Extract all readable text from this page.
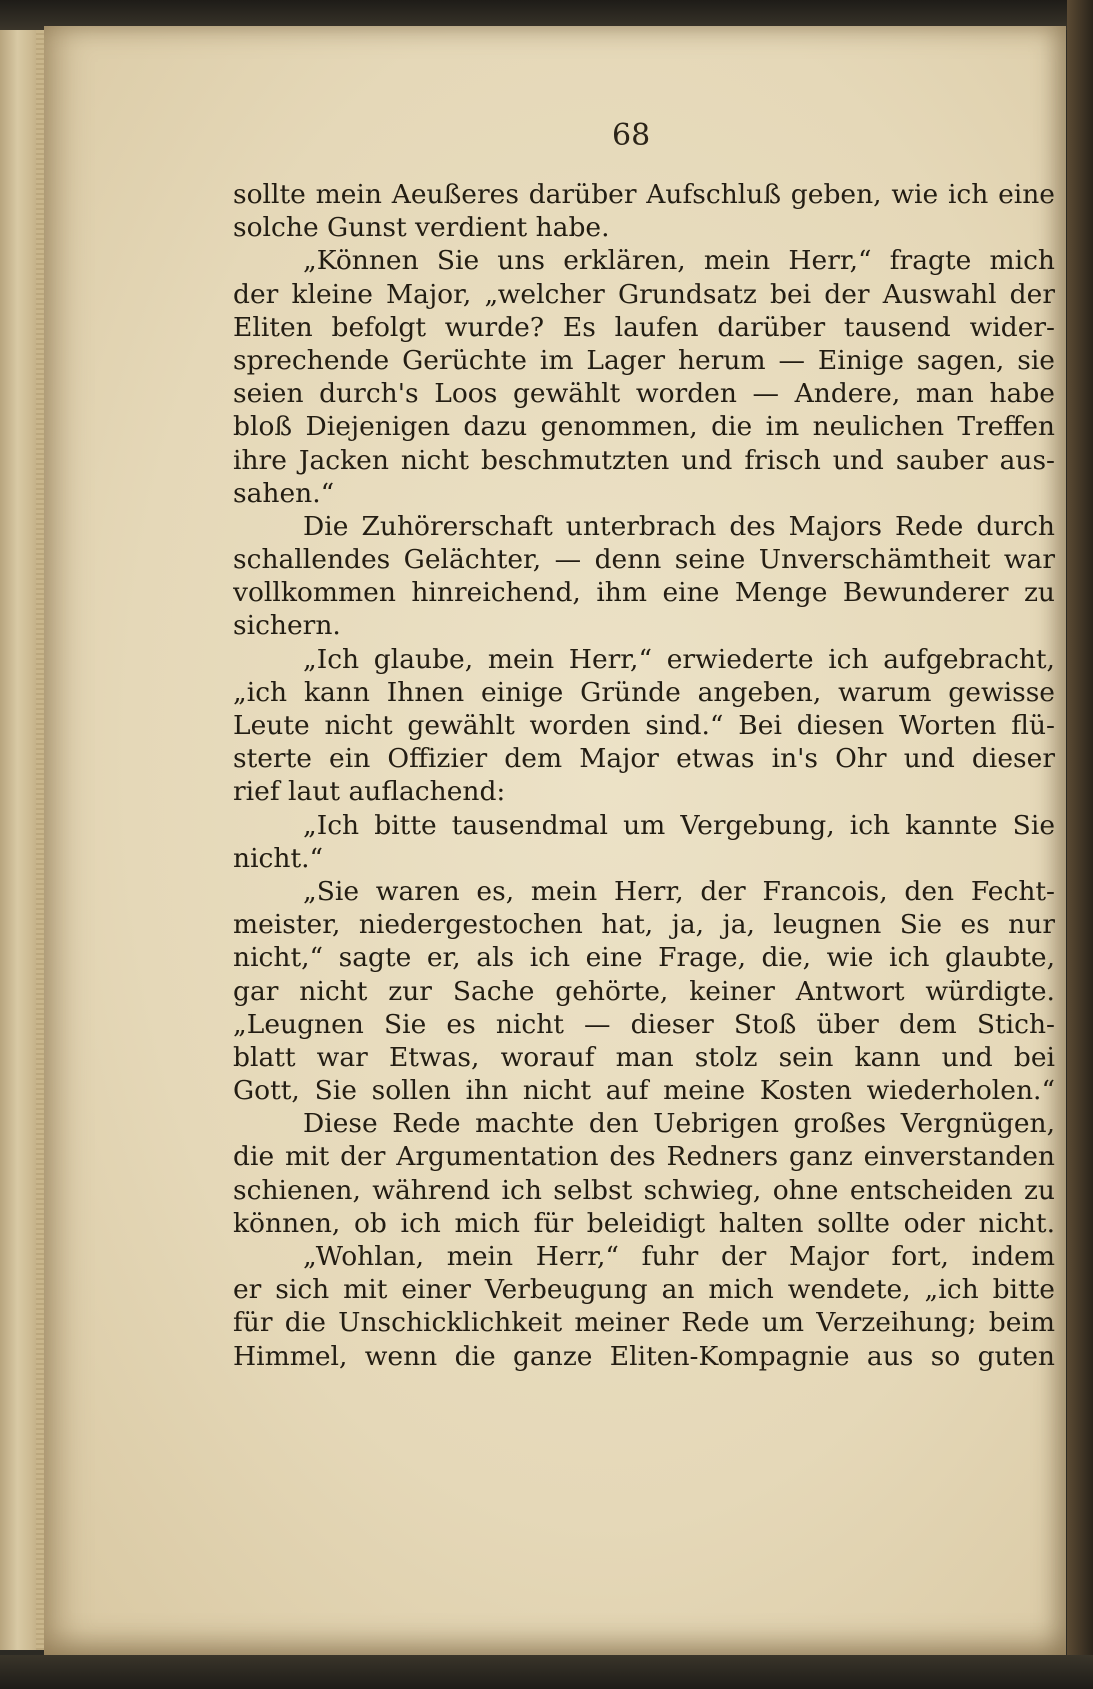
68
sollte mein Aeußeres darüber Aufschluß geben, wie ich eine
solche Gunst verdient habe.
„Können Sie uns erklären, mein Herr,“ fragte mich
der kleine Major, „welcher Grundsatz bei der Auswahl der
Eliten befolgt wurde? Es laufen darüber tausend wider-
sprechende Gerüchte im Lager herum — Einige sagen, sie
seien durch's Loos gewählt worden — Andere, man habe
bloß Diejenigen dazu genommen, die im neulichen Treffen
ihre Jacken nicht beschmutzten und frisch und sauber aus-
sahen.“
Die Zuhörerschaft unterbrach des Majors Rede durch
schallendes Gelächter, — denn seine Unverschämtheit war
vollkommen hinreichend, ihm eine Menge Bewunderer zu
sichern.
„Ich glaube, mein Herr,“ erwiederte ich aufgebracht,
„ich kann Ihnen einige Gründe angeben, warum gewisse
Leute nicht gewählt worden sind.“ Bei diesen Worten flü-
sterte ein Offizier dem Major etwas in's Ohr und dieser
rief laut auflachend:
„Ich bitte tausendmal um Vergebung, ich kannte Sie
nicht.“
„Sie waren es, mein Herr, der Francois, den Fecht-
meister, niedergestochen hat, ja, ja, leugnen Sie es nur
nicht,“ sagte er, als ich eine Frage, die, wie ich glaubte,
gar nicht zur Sache gehörte, keiner Antwort würdigte.
„Leugnen Sie es nicht — dieser Stoß über dem Stich-
blatt war Etwas, worauf man stolz sein kann und bei
Gott, Sie sollen ihn nicht auf meine Kosten wiederholen.“
Diese Rede machte den Uebrigen großes Vergnügen,
die mit der Argumentation des Redners ganz einverstanden
schienen, während ich selbst schwieg, ohne entscheiden zu
können, ob ich mich für beleidigt halten sollte oder nicht.
„Wohlan, mein Herr,“ fuhr der Major fort, indem
er sich mit einer Verbeugung an mich wendete, „ich bitte
für die Unschicklichkeit meiner Rede um Verzeihung; beim
Himmel, wenn die ganze Eliten-Kompagnie aus so guten
